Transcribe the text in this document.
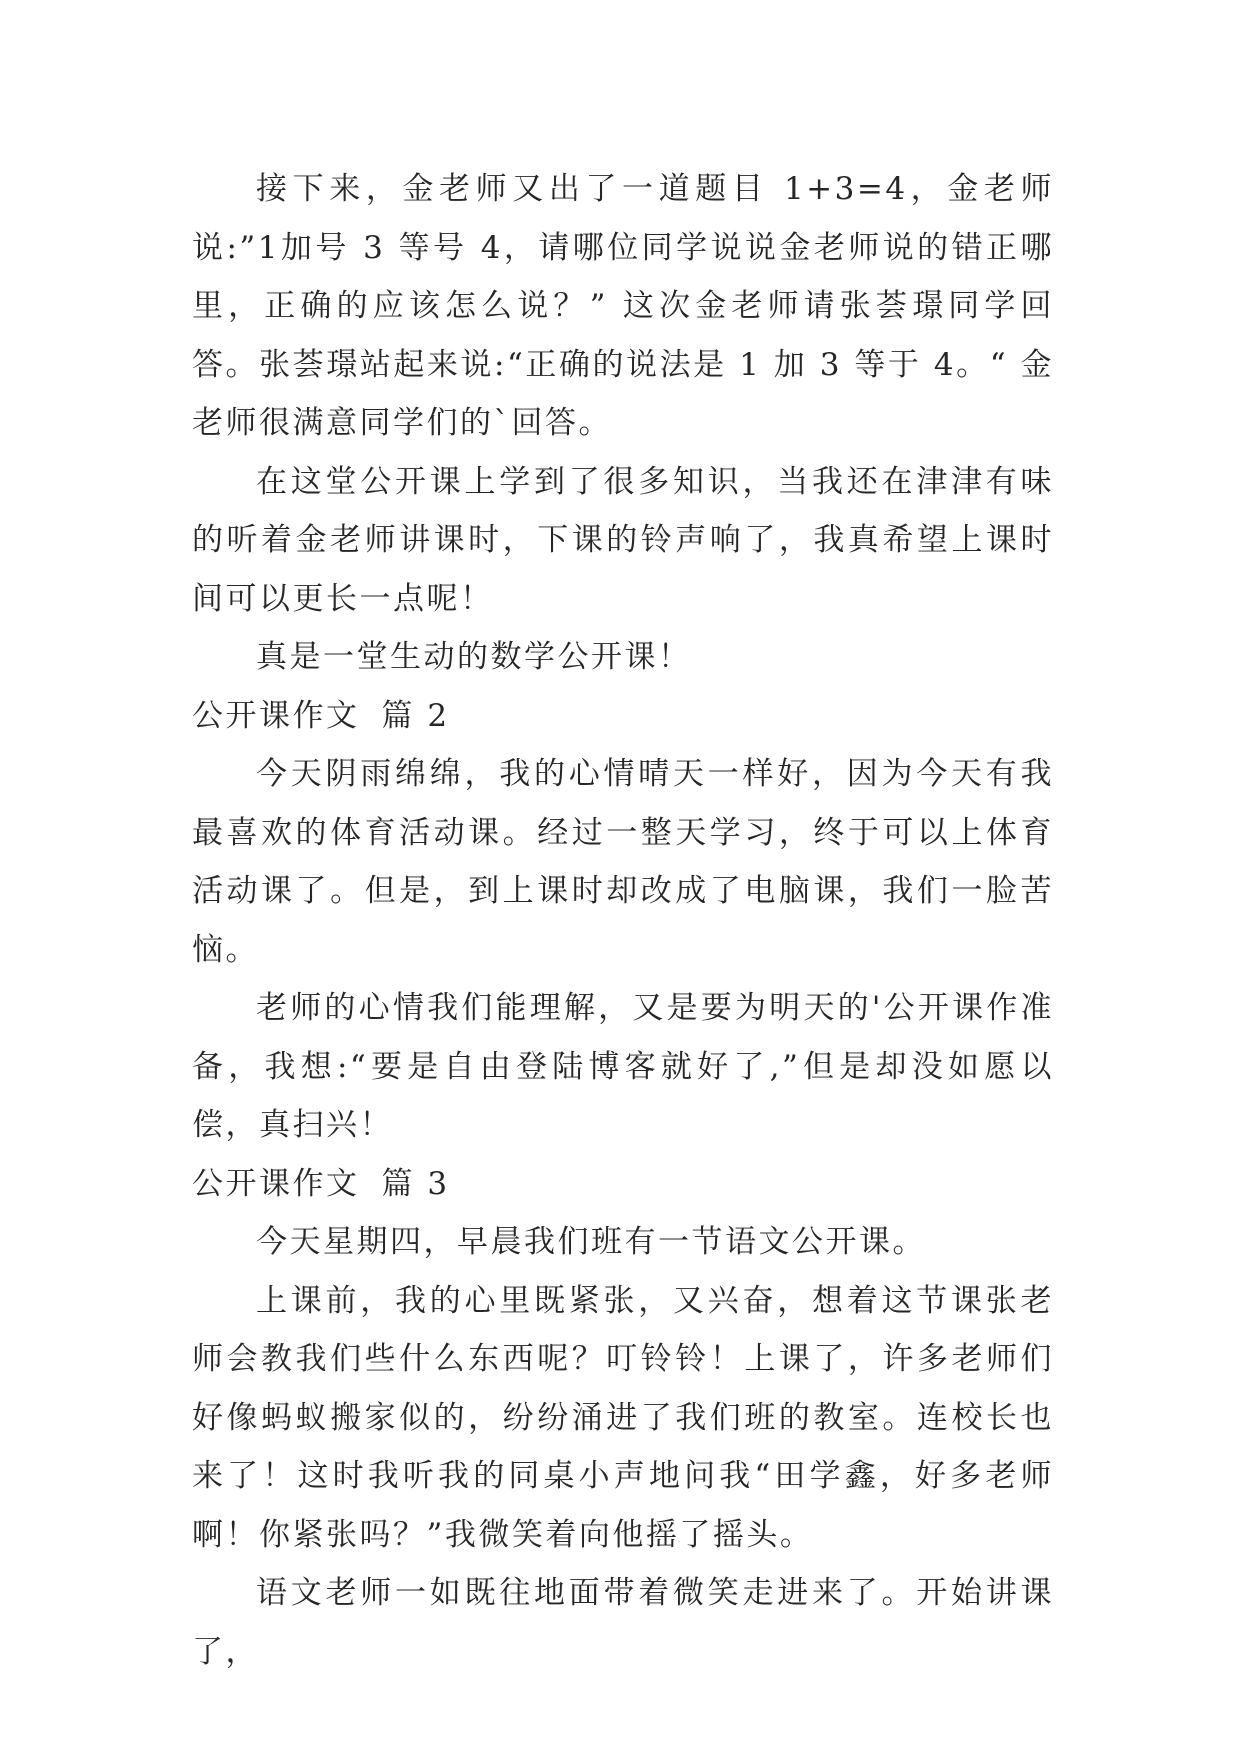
接下来，金老师又出了一道题目 1+3=4，金老师说:”1加号 3 等号 4，请哪位同学说说金老师说的错正哪里，正确的应该怎么说？” 这次金老师请张荟璟同学回答。张荟璟站起来说:“正确的说法是 1 加 3 等于 4。“ 金老师很满意同学们的`回答。

在这堂公开课上学到了很多知识，当我还在津津有味的听着金老师讲课时，下课的铃声响了，我真希望上课时间可以更长一点呢！

真是一堂生动的数学公开课！

公开课作文 篇 2

今天阴雨绵绵，我的心情晴天一样好，因为今天有我最喜欢的体育活动课。经过一整天学习，终于可以上体育活动课了。但是，到上课时却改成了电脑课，我们一脸苦恼。

老师的心情我们能理解，又是要为明天的'公开课作准备，我想:“要是自由登陆博客就好了,”但是却没如愿以偿，真扫兴！

公开课作文 篇 3

今天星期四，早晨我们班有一节语文公开课。

上课前，我的心里既紧张，又兴奋，想着这节课张老师会教我们些什么东西呢？叮铃铃！上课了，许多老师们好像蚂蚁搬家似的，纷纷涌进了我们班的教室。连校长也来了！这时我听我的同桌小声地问我“田学鑫，好多老师啊！你紧张吗？”我微笑着向他摇了摇头。

语文老师一如既往地面带着微笑走进来了。开始讲课了，
